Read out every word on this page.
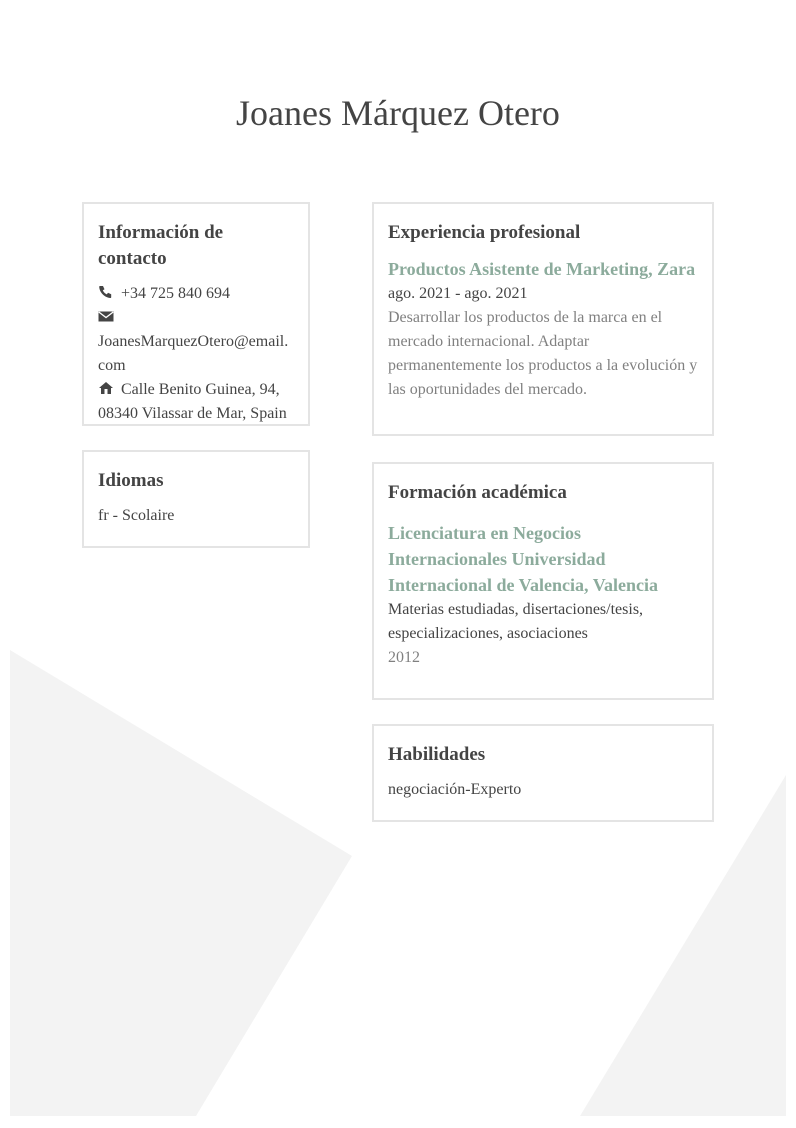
Joanes Márquez Otero
Información de contacto
+34 725 840 694
JoanesMarquezOtero@email.com
Calle Benito Guinea, 94, 08340 Vilassar de Mar, Spain
Idiomas
fr - Scolaire
Experiencia profesional
Productos Asistente de Marketing, Zara
ago. 2021 - ago. 2021
Desarrollar los productos de la marca en el mercado internacional. Adaptar permanentemente los productos a la evolución y las oportunidades del mercado.
Formación académica
Licenciatura en Negocios Internacionales Universidad Internacional de Valencia, Valencia
Materias estudiadas, disertaciones/tesis, especializaciones, asociaciones
2012
Habilidades
negociación-Experto
